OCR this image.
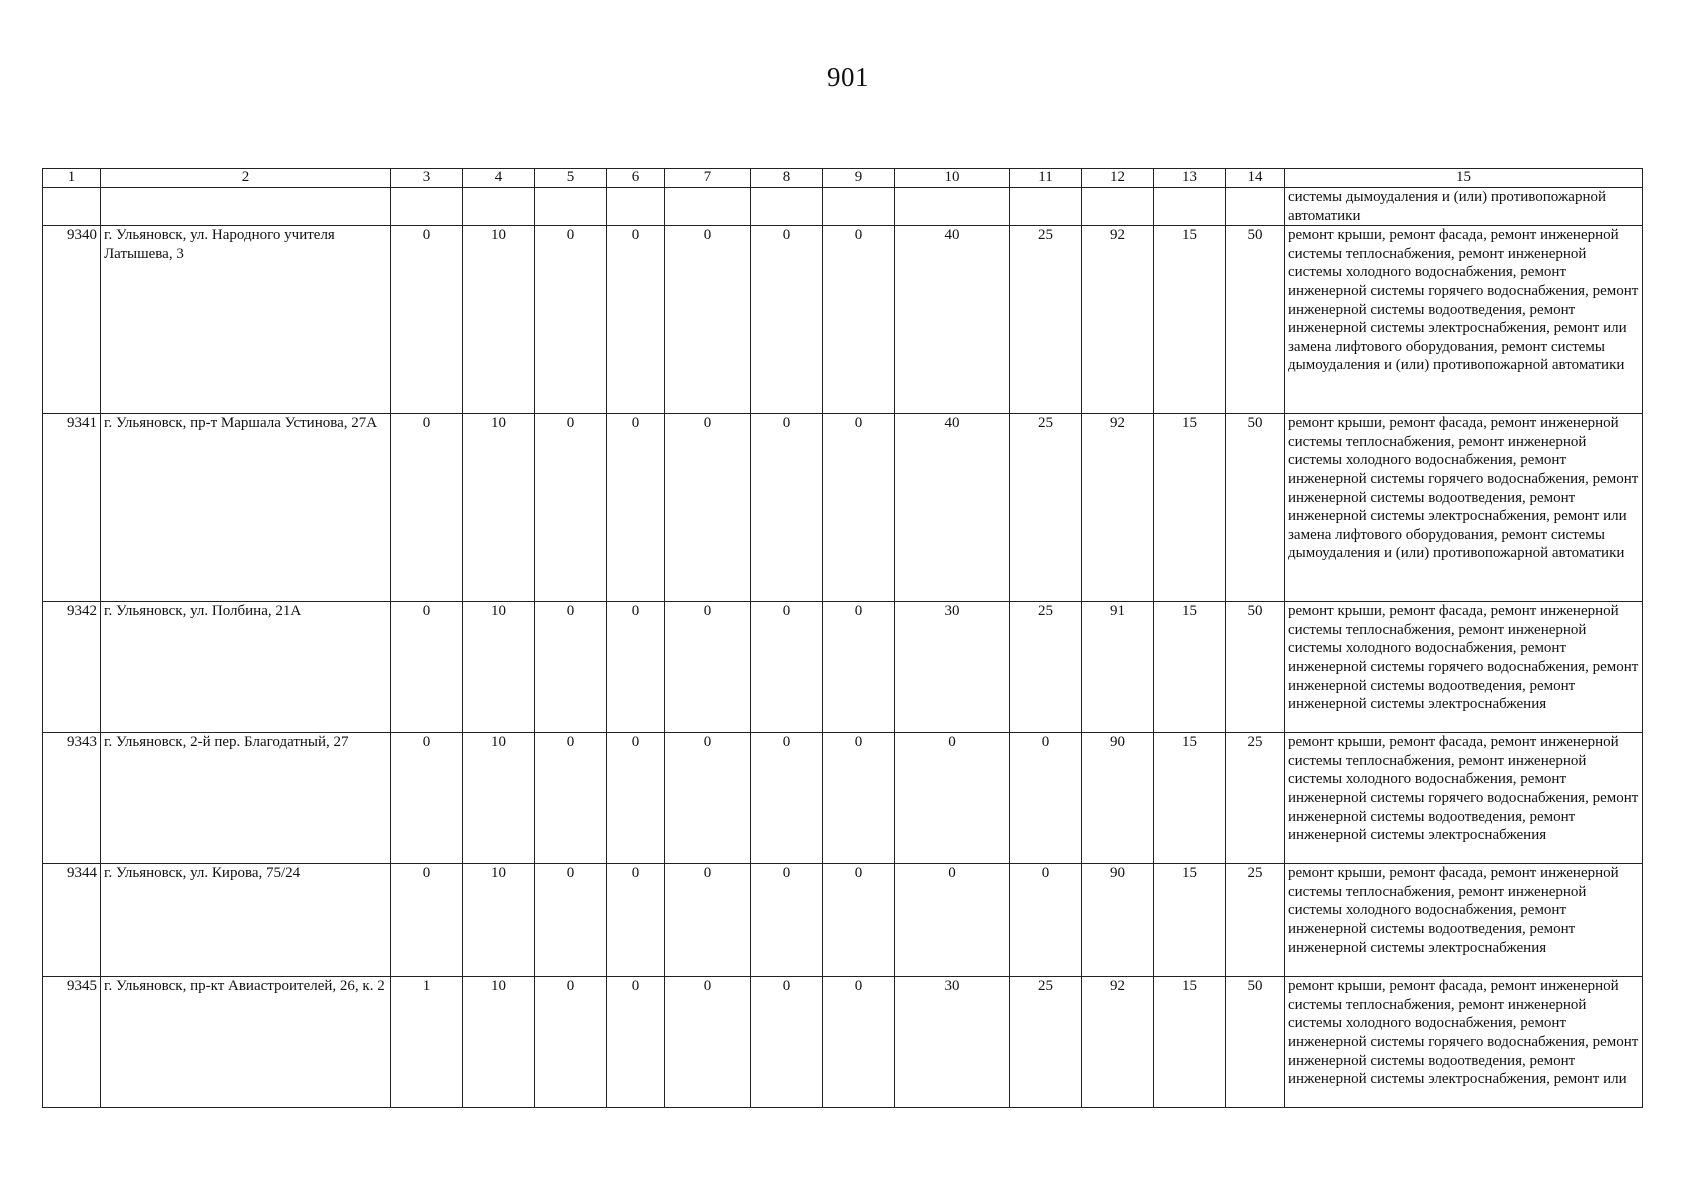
901
1	2	3	4	5	6	7	8	9	10	11	12	13	14	15
														системы дымоудаления и (или) противопожарной автоматики
9340	г. Ульяновск, ул. Народного учителя Латышева, 3	0	10	0	0	0	0	0	40	25	92	15	50	ремонт крыши, ремонт фасада, ремонт инженерной системы теплоснабжения, ремонт инженерной системы холодного водоснабжения, ремонт инженерной системы горячего водоснабжения, ремонт инженерной системы водоотведения, ремонт инженерной системы электроснабжения, ремонт или замена лифтового оборудования, ремонт системы дымоудаления и (или) противопожарной автоматики
9341	г. Ульяновск, пр-т Маршала Устинова, 27А	0	10	0	0	0	0	0	40	25	92	15	50	ремонт крыши, ремонт фасада, ремонт инженерной системы теплоснабжения, ремонт инженерной системы холодного водоснабжения, ремонт инженерной системы горячего водоснабжения, ремонт инженерной системы водоотведения, ремонт инженерной системы электроснабжения, ремонт или замена лифтового оборудования, ремонт системы дымоудаления и (или) противопожарной автоматики
9342	г. Ульяновск, ул. Полбина, 21А	0	10	0	0	0	0	0	30	25	91	15	50	ремонт крыши, ремонт фасада, ремонт инженерной системы теплоснабжения, ремонт инженерной системы холодного водоснабжения, ремонт инженерной системы горячего водоснабжения, ремонт инженерной системы водоотведения, ремонт инженерной системы электроснабжения
9343	г. Ульяновск, 2-й пер. Благодатный, 27	0	10	0	0	0	0	0	0	0	90	15	25	ремонт крыши, ремонт фасада, ремонт инженерной системы теплоснабжения, ремонт инженерной системы холодного водоснабжения, ремонт инженерной системы горячего водоснабжения, ремонт инженерной системы водоотведения, ремонт инженерной системы электроснабжения
9344	г. Ульяновск, ул. Кирова, 75/24	0	10	0	0	0	0	0	0	0	90	15	25	ремонт крыши, ремонт фасада, ремонт инженерной системы теплоснабжения, ремонт инженерной системы холодного водоснабжения, ремонт инженерной системы водоотведения, ремонт инженерной системы электроснабжения
9345	г. Ульяновск, пр-кт Авиастроителей, 26, к. 2	1	10	0	0	0	0	0	30	25	92	15	50	ремонт крыши, ремонт фасада, ремонт инженерной системы теплоснабжения, ремонт инженерной системы холодного водоснабжения, ремонт инженерной системы горячего водоснабжения, ремонт инженерной системы водоотведения, ремонт инженерной системы электроснабжения, ремонт или
